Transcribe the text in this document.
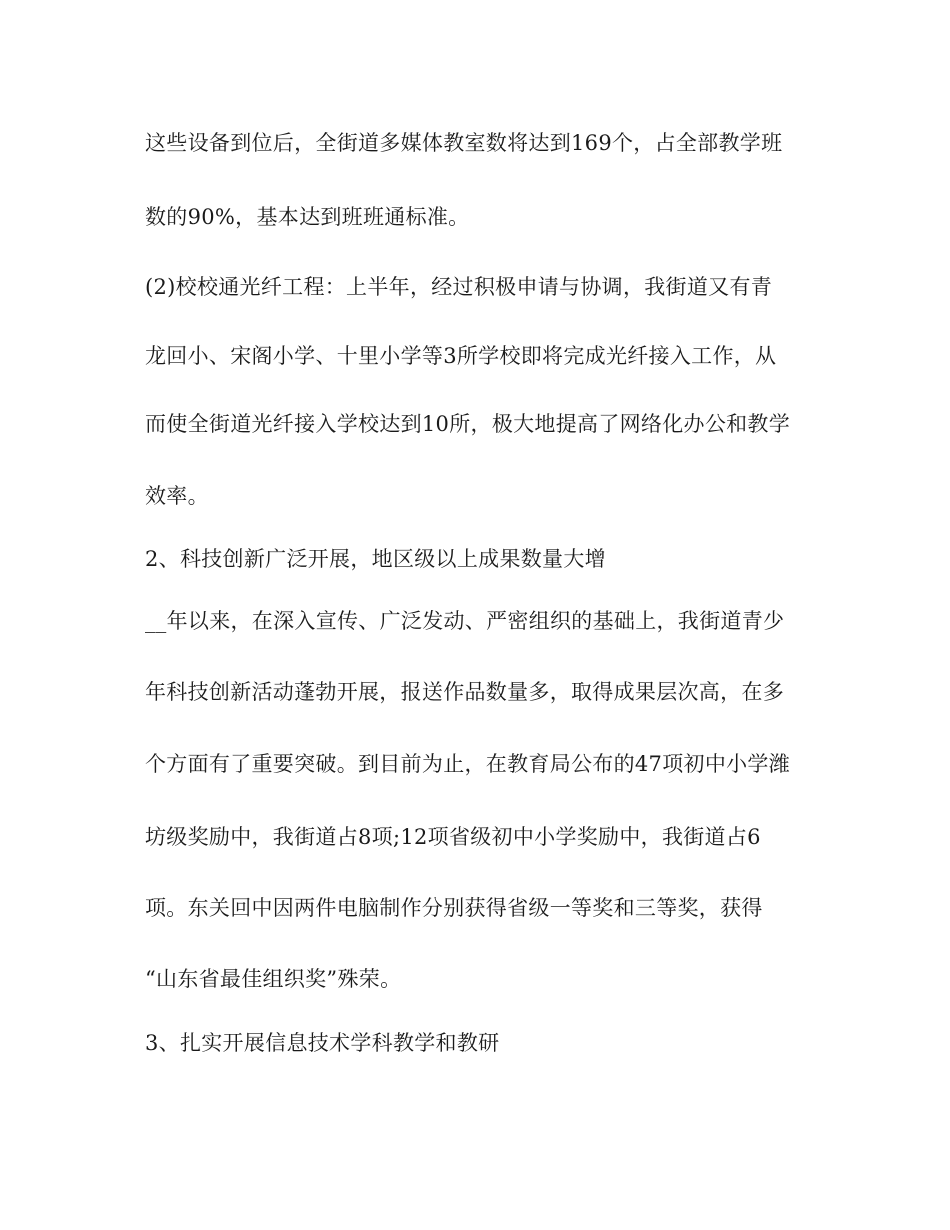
这些设备到位后，全街道多媒体教室数将达到169个，占全部教学班
数的90%，基本达到班班通标准。
(2)校校通光纤工程：上半年，经过积极申请与协调，我街道又有青
龙回小、宋阁小学、十里小学等3所学校即将完成光纤接入工作，从
而使全街道光纤接入学校达到10所，极大地提高了网络化办公和教学
效率。
2、科技创新广泛开展，地区级以上成果数量大增
__年以来，在深入宣传、广泛发动、严密组织的基础上，我街道青少
年科技创新活动蓬勃开展，报送作品数量多，取得成果层次高，在多
个方面有了重要突破。到目前为止，在教育局公布的47项初中小学潍
坊级奖励中，我街道占8项;12项省级初中小学奖励中，我街道占6
项。东关回中因两件电脑制作分别获得省级一等奖和三等奖，获得
“山东省最佳组织奖”殊荣。
3、扎实开展信息技术学科教学和教研
